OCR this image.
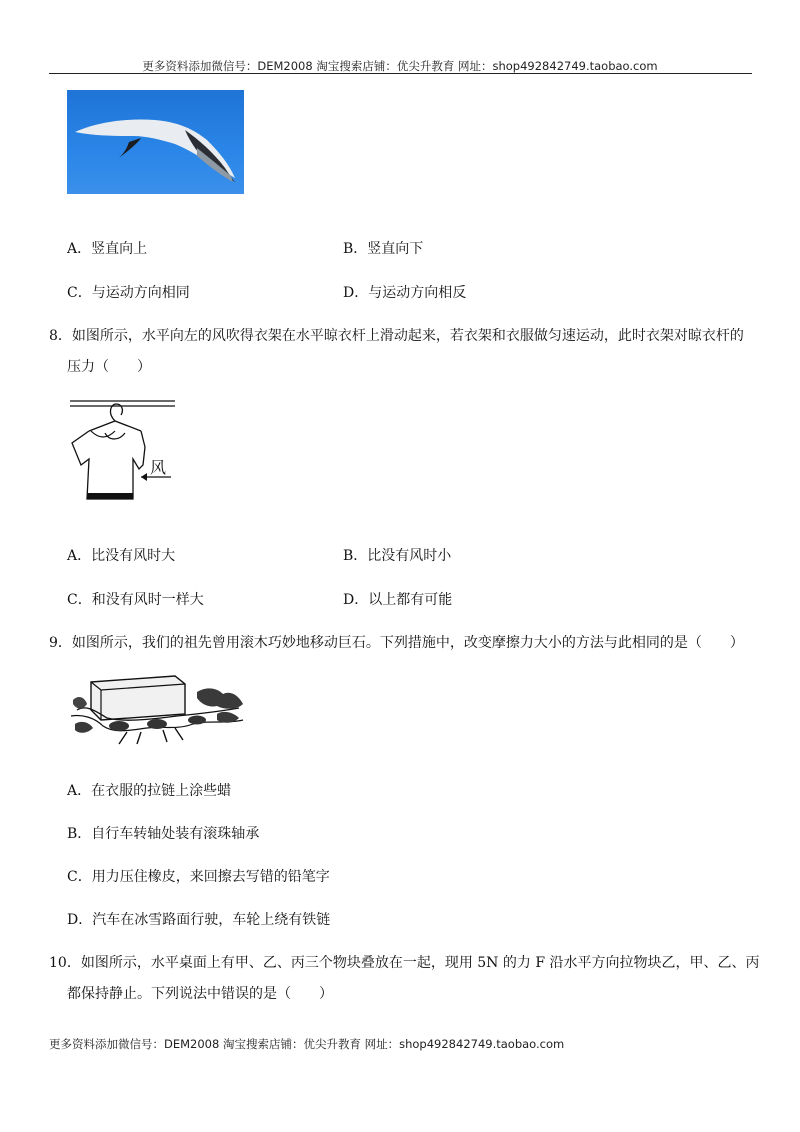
更多资料添加微信号：DEM2008 淘宝搜索店铺：优尖升教育 网址：shop492842749.taobao.com
A．竖直向上	B．竖直向下
C．与运动方向相同	D．与运动方向相反
8．如图所示，水平向左的风吹得衣架在水平晾衣杆上滑动起来，若衣架和衣服做匀速运动，此时衣架对晾衣杆的
压力（　　）
风
A．比没有风时大	B．比没有风时小
C．和没有风时一样大	D．以上都有可能
9．如图所示，我们的祖先曾用滚木巧妙地移动巨石。下列措施中，改变摩擦力大小的方法与此相同的是（　　）
A．在衣服的拉链上涂些蜡
B．自行车转轴处装有滚珠轴承
C．用力压住橡皮，来回擦去写错的铅笔字
D．汽车在冰雪路面行驶，车轮上绕有铁链
10．如图所示，水平桌面上有甲、乙、丙三个物块叠放在一起，现用 5N 的力 F 沿水平方向拉物块乙，甲、乙、丙
都保持静止。下列说法中错误的是（　　）
更多资料添加微信号：DEM2008 淘宝搜索店铺：优尖升教育 网址：shop492842749.taobao.com
